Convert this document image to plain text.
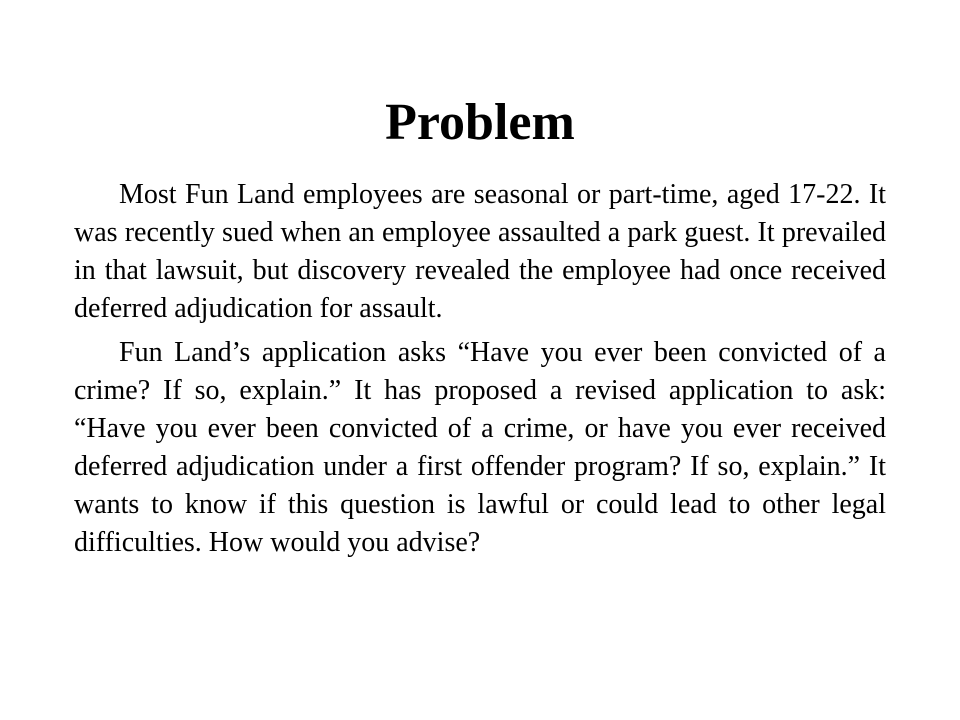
Problem

Most Fun Land employees are seasonal or part-time, aged 17-22. It was recently sued when an employee assaulted a park guest. It prevailed in that lawsuit, but discovery revealed the employee had once received deferred adjudication for assault.

Fun Land’s application asks “Have you ever been convicted of a crime? If so, explain.” It has proposed a revised application to ask: “Have you ever been convicted of a crime, or have you ever received deferred adjudication under a first offender program? If so, explain.” It wants to know if this question is lawful or could lead to other legal difficulties. How would you advise?
